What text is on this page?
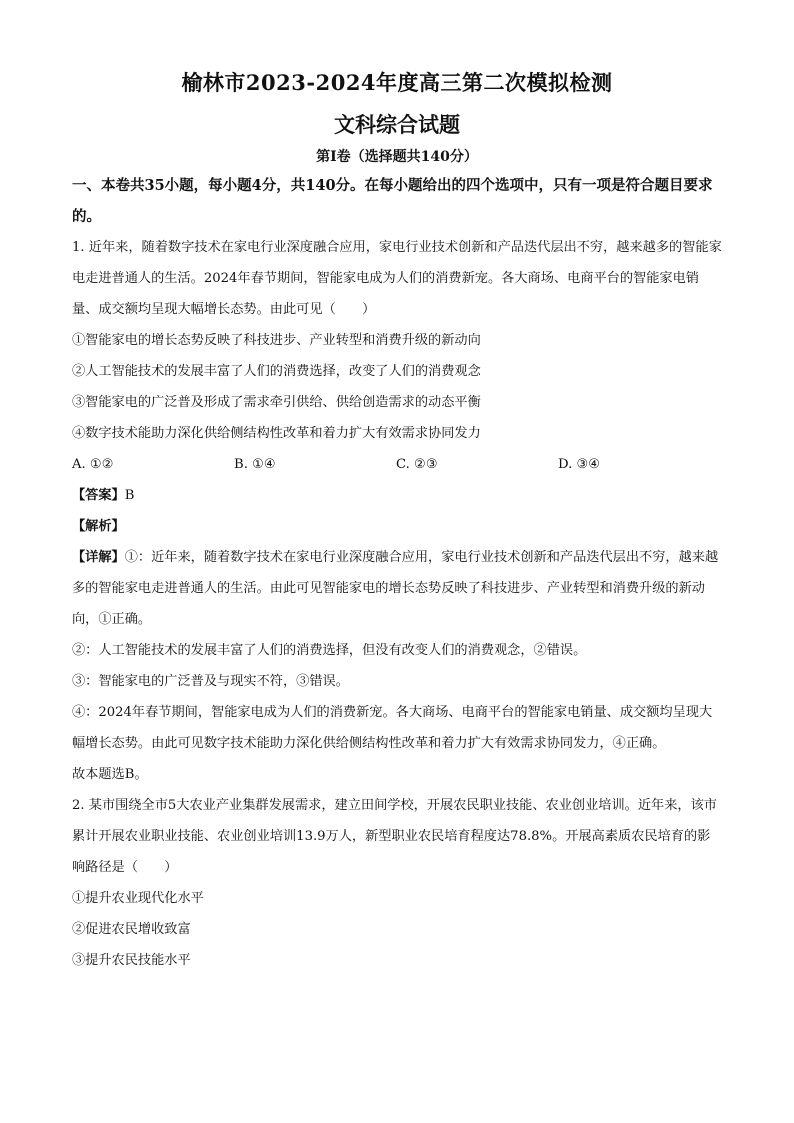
榆林市2023-2024年度高三第二次模拟检测
文科综合试题
第Ⅰ卷（选择题共140分）
一、本卷共35小题，每小题4分，共140分。在每小题给出的四个选项中，只有一项是符合题目要求的。

1. 近年来，随着数字技术在家电行业深度融合应用，家电行业技术创新和产品迭代层出不穷，越来越多的智能家电走进普通人的生活。2024年春节期间，智能家电成为人们的消费新宠。各大商场、电商平台的智能家电销量、成交额均呈现大幅增长态势。由此可见（　　）

①智能家电的增长态势反映了科技进步、产业转型和消费升级的新动向

②人工智能技术的发展丰富了人们的消费选择，改变了人们的消费观念

③智能家电的广泛普及形成了需求牵引供给、供给创造需求的动态平衡

④数字技术能助力深化供给侧结构性改革和着力扩大有效需求协同发力

A. ①②	B. ①④	C. ②③	D. ③④

【答案】B

【解析】

【详解】①：近年来，随着数字技术在家电行业深度融合应用，家电行业技术创新和产品迭代层出不穷，越来越多的智能家电走进普通人的生活。由此可见智能家电的增长态势反映了科技进步、产业转型和消费升级的新动向，①正确。

②：人工智能技术的发展丰富了人们的消费选择，但没有改变人们的消费观念，②错误。

③：智能家电的广泛普及与现实不符，③错误。

④：2024年春节期间，智能家电成为人们的消费新宠。各大商场、电商平台的智能家电销量、成交额均呈现大幅增长态势。由此可见数字技术能助力深化供给侧结构性改革和着力扩大有效需求协同发力，④正确。

故本题选B。

2. 某市围绕全市5大农业产业集群发展需求，建立田间学校，开展农民职业技能、农业创业培训。近年来，该市累计开展农业职业技能、农业创业培训13.9万人，新型职业农民培育程度达78.8%。开展高素质农民培育的影响路径是（　　）

①提升农业现代化水平

②促进农民增收致富

③提升农民技能水平
